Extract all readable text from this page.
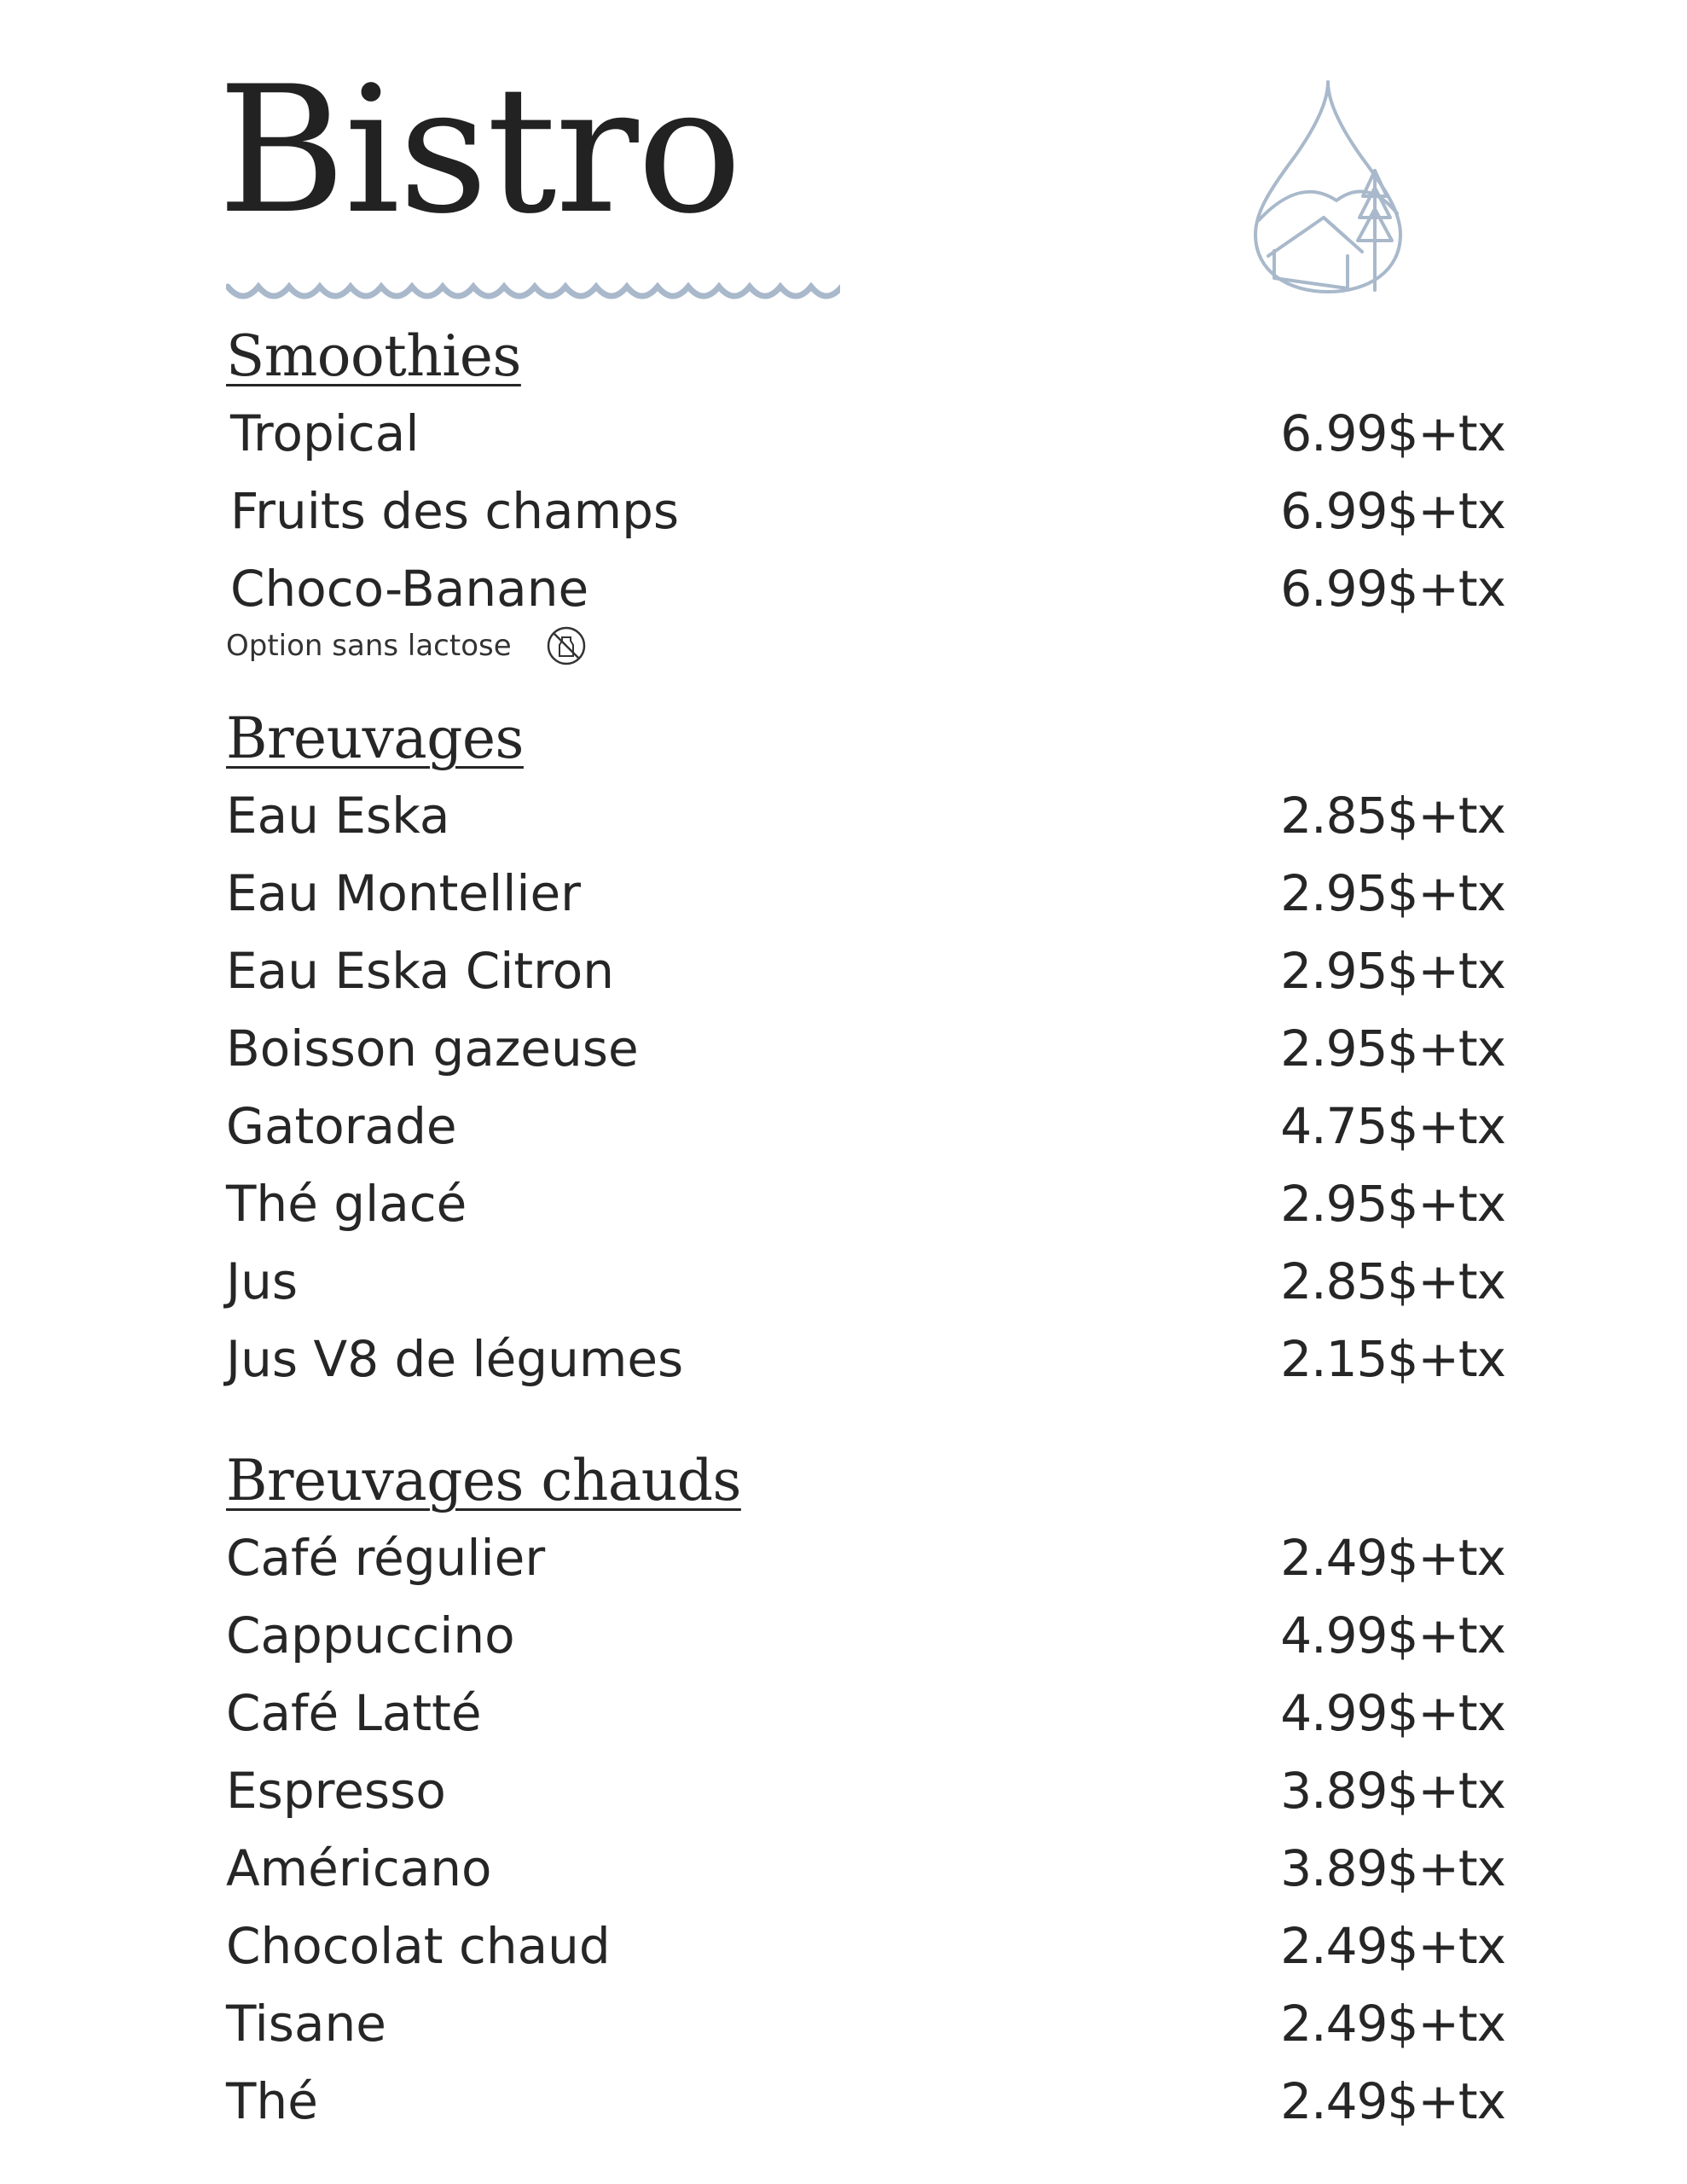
Bistro
Smoothies
Tropical	6.99$+tx
Fruits des champs	6.99$+tx
Choco-Banane	6.99$+tx
Option sans lactose
Breuvages
Eau Eska	2.85$+tx
Eau Montellier	2.95$+tx
Eau Eska Citron	2.95$+tx
Boisson gazeuse	2.95$+tx
Gatorade	4.75$+tx
Thé glacé	2.95$+tx
Jus	2.85$+tx
Jus V8 de légumes	2.15$+tx
Breuvages chauds
Café régulier	2.49$+tx
Cappuccino	4.99$+tx
Café Latté	4.99$+tx
Espresso	3.89$+tx
Américano	3.89$+tx
Chocolat chaud	2.49$+tx
Tisane	2.49$+tx
Thé	2.49$+tx
